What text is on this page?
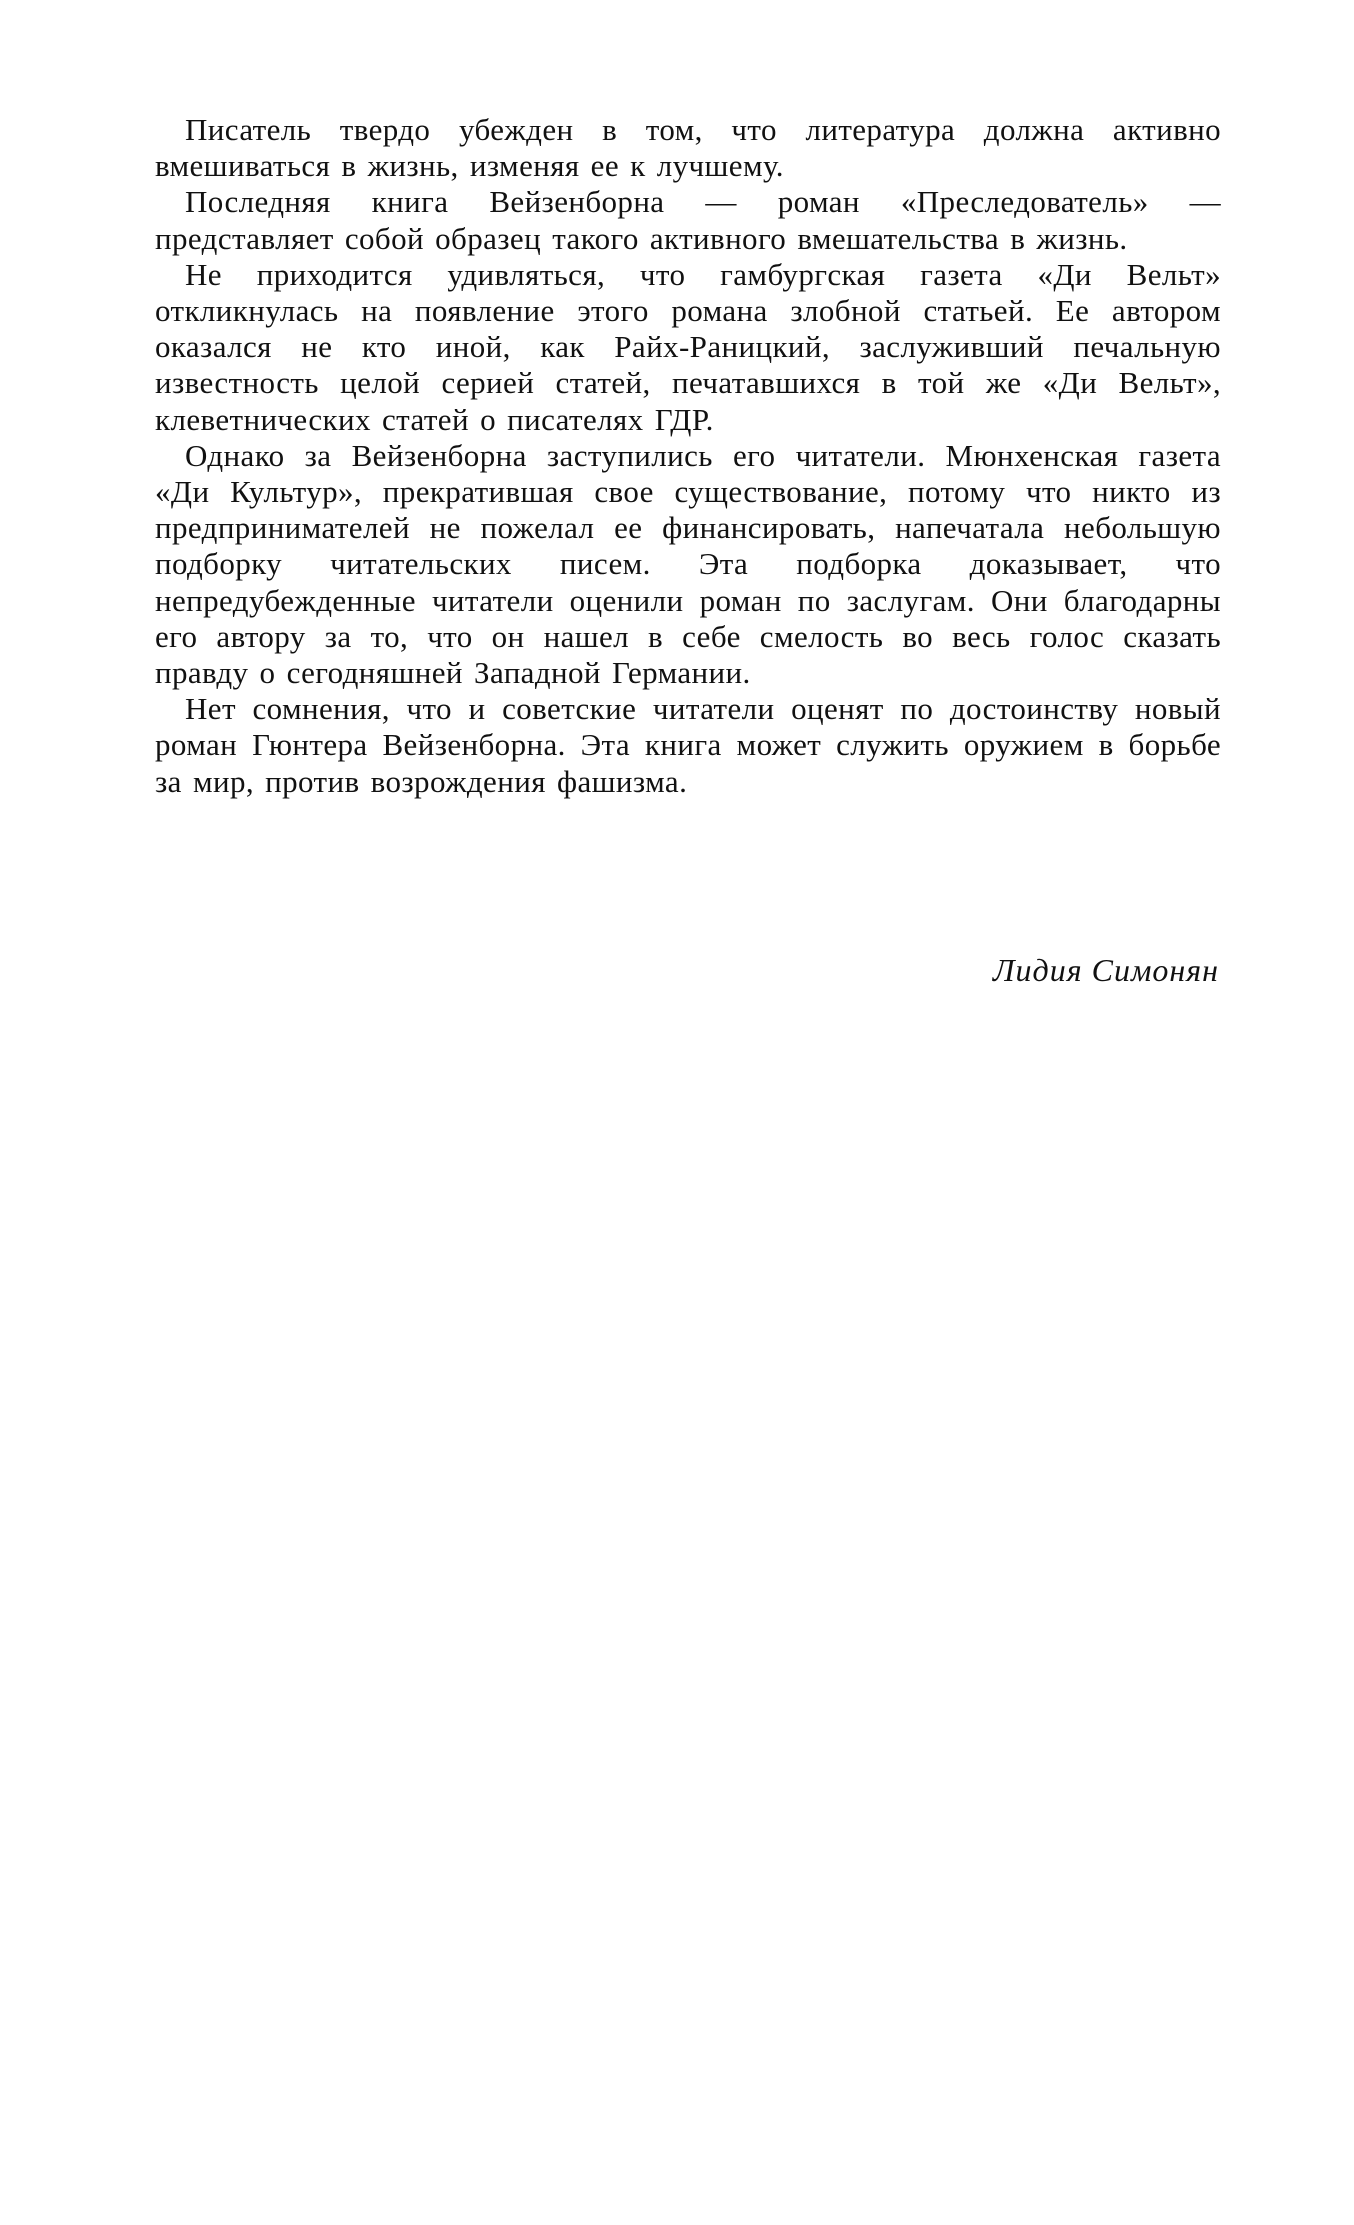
Писатель твердо убежден в том, что литература должна активно вмешиваться в жизнь, изменяя ее к лучшему.

Последняя книга Вейзенборна — роман «Преследователь» — представляет собой образец такого активного вмешательства в жизнь.

Не приходится удивляться, что гамбургская газета «Ди Вельт» откликнулась на появление этого романа злобной статьей. Ее автором оказался не кто иной, как Райх-Раницкий, заслуживший печальную известность целой серией статей, печатавшихся в той же «Ди Вельт», клеветнических статей о писателях ГДР.

Однако за Вейзенборна заступились его читатели. Мюнхенская газета «Ди Культур», прекратившая свое существование, потому что никто из предпринимателей не пожелал ее финансировать, напечатала небольшую подборку читательских писем. Эта подборка доказывает, что непредубежденные читатели оценили роман по заслугам. Они благодарны его автору за то, что он нашел в себе смелость во весь голос сказать правду о сегодняшней Западной Германии.

Нет сомнения, что и советские читатели оценят по достоинству новый роман Гюнтера Вейзенборна. Эта книга может служить оружием в борьбе за мир, против возрождения фашизма.

Лидия Симонян
